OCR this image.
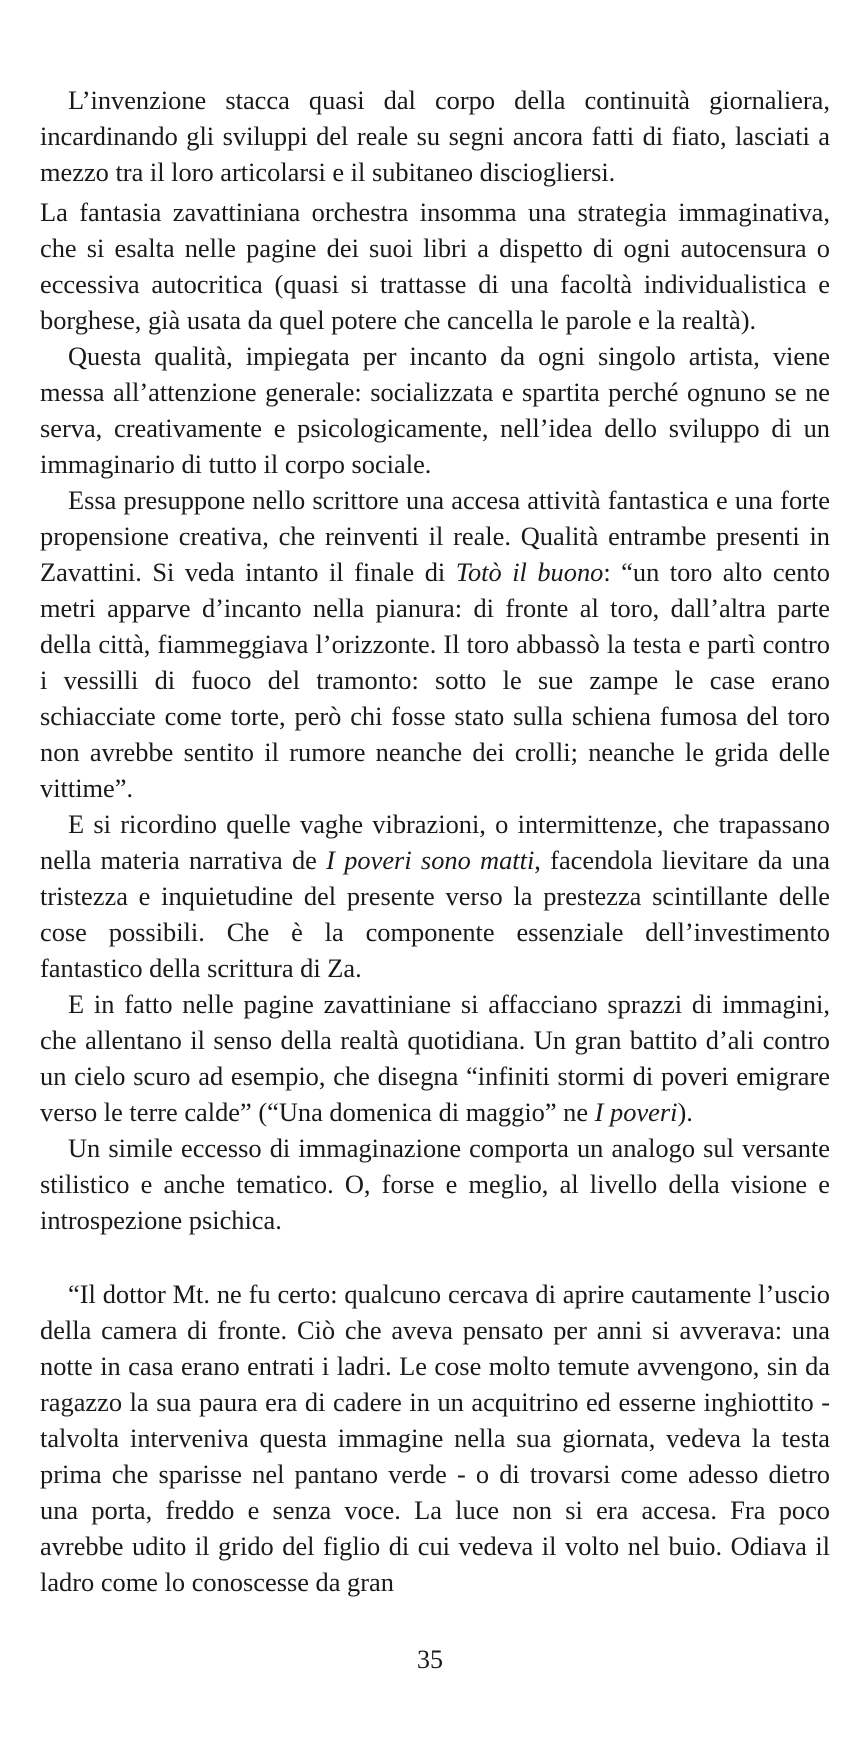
L’invenzione stacca quasi dal corpo della continuità giornaliera, incardinando gli sviluppi del reale su segni ancora fatti di fiato, lasciati a mezzo tra il loro articolarsi e il subitaneo disciogliersi.

La fantasia zavattiniana orchestra insomma una strategia immaginativa, che si esalta nelle pagine dei suoi libri a dispetto di ogni autocensura o eccessiva autocritica (quasi si trattasse di una facoltà individualistica e borghese, già usata da quel potere che cancella le parole e la realtà).

Questa qualità, impiegata per incanto da ogni singolo artista, viene messa all’attenzione generale: socializzata e spartita perché ognuno se ne serva, creativamente e psicologicamente, nell’idea dello sviluppo di un immaginario di tutto il corpo sociale.

Essa presuppone nello scrittore una accesa attività fantastica e una forte propensione creativa, che reinventi il reale. Qualità entrambe presenti in Zavattini. Si veda intanto il finale di Totò il buono: “un toro alto cento metri apparve d’incanto nella pianura: di fronte al toro, dall’altra parte della città, fiammeggiava l’orizzonte. Il toro abbassò la testa e partì contro i vessilli di fuoco del tramonto: sotto le sue zampe le case erano schiacciate come torte, però chi fosse stato sulla schiena fumosa del toro non avrebbe sentito il rumore neanche dei crolli; neanche le grida delle vittime”.

E si ricordino quelle vaghe vibrazioni, o intermittenze, che trapassano nella materia narrativa de I poveri sono matti, facendola lievitare da una tristezza e inquietudine del presente verso la prestezza scintillante delle cose possibili. Che è la componente essenziale dell’investimento fantastico della scrittura di Za.

E in fatto nelle pagine zavattiniane si affacciano sprazzi di immagini, che allentano il senso della realtà quotidiana. Un gran battito d’ali contro un cielo scuro ad esempio, che disegna “infiniti stormi di poveri emigrare verso le terre calde” (“Una domenica di maggio” ne I poveri).

Un simile eccesso di immaginazione comporta un analogo sul versante stilistico e anche tematico. O, forse e meglio, al livello della visione e introspezione psichica.

“Il dottor Mt. ne fu certo: qualcuno cercava di aprire cautamente l’uscio della camera di fronte. Ciò che aveva pensato per anni si avverava: una notte in casa erano entrati i ladri. Le cose molto temute avvengono, sin da ragazzo la sua paura era di cadere in un acquitrino ed esserne inghiottito - talvolta interveniva questa immagine nella sua giornata, vedeva la testa prima che sparisse nel pantano verde - o di trovarsi come adesso dietro una porta, freddo e senza voce. La luce non si era accesa. Fra poco avrebbe udito il grido del figlio di cui vedeva il volto nel buio. Odiava il ladro come lo conoscesse da gran

35
